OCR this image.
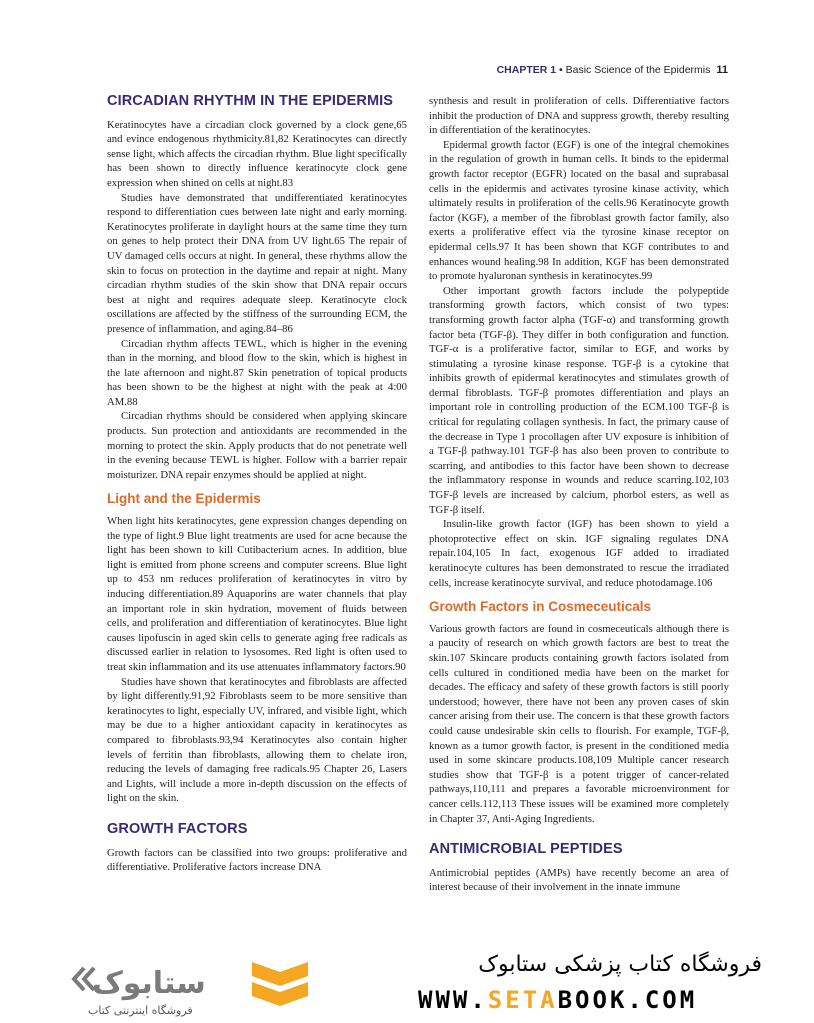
CHAPTER 1 • Basic Science of the Epidermis 11
CIRCADIAN RHYTHM IN THE EPIDERMIS

Keratinocytes have a circadian clock governed by a clock gene,65 and evince endogenous rhythmicity.81,82 Keratinocytes can directly sense light, which affects the circadian rhythm. Blue light specifically has been shown to directly influence keratinocyte clock gene expression when shined on cells at night.83

Studies have demonstrated that undifferentiated keratinocytes respond to differentiation cues between late night and early morning. Keratinocytes proliferate in daylight hours at the same time they turn on genes to help protect their DNA from UV light.65 The repair of UV damaged cells occurs at night. In general, these rhythms allow the skin to focus on protection in the daytime and repair at night. Many circadian rhythm studies of the skin show that DNA repair occurs best at night and requires adequate sleep. Keratinocyte clock oscillations are affected by the stiffness of the surrounding ECM, the presence of inflammation, and aging.84–86

Circadian rhythm affects TEWL, which is higher in the evening than in the morning, and blood flow to the skin, which is highest in the late afternoon and night.87 Skin penetration of topical products has been shown to be the highest at night with the peak at 4:00 AM.88

Circadian rhythms should be considered when applying skincare products. Sun protection and antioxidants are recommended in the morning to protect the skin. Apply products that do not penetrate well in the evening because TEWL is higher. Follow with a barrier repair moisturizer. DNA repair enzymes should be applied at night.

Light and the Epidermis

When light hits keratinocytes, gene expression changes depending on the type of light.9 Blue light treatments are used for acne because the light has been shown to kill Cutibacterium acnes. In addition, blue light is emitted from phone screens and computer screens. Blue light up to 453 nm reduces proliferation of keratinocytes in vitro by inducing differentiation.89 Aquaporins are water channels that play an important role in skin hydration, movement of fluids between cells, and proliferation and differentiation of keratinocytes. Blue light causes lipofuscin in aged skin cells to generate aging free radicals as discussed earlier in relation to lysosomes. Red light is often used to treat skin inflammation and its use attenuates inflammatory factors.90

Studies have shown that keratinocytes and fibroblasts are affected by light differently.91,92 Fibroblasts seem to be more sensitive than keratinocytes to light, especially UV, infrared, and visible light, which may be due to a higher antioxidant capacity in keratinocytes as compared to fibroblasts.93,94 Keratinocytes also contain higher levels of ferritin than fibroblasts, allowing them to chelate iron, reducing the levels of damaging free radicals.95 Chapter 26, Lasers and Lights, will include a more in-depth discussion on the effects of light on the skin.

GROWTH FACTORS

Growth factors can be classified into two groups: proliferative and differentiative. Proliferative factors increase DNA

synthesis and result in proliferation of cells. Differentiative factors inhibit the production of DNA and suppress growth, thereby resulting in differentiation of the keratinocytes.

Epidermal growth factor (EGF) is one of the integral chemokines in the regulation of growth in human cells. It binds to the epidermal growth factor receptor (EGFR) located on the basal and suprabasal cells in the epidermis and activates tyrosine kinase activity, which ultimately results in proliferation of the cells.96 Keratinocyte growth factor (KGF), a member of the fibroblast growth factor family, also exerts a proliferative effect via the tyrosine kinase receptor on epidermal cells.97 It has been shown that KGF contributes to and enhances wound healing.98 In addition, KGF has been demonstrated to promote hyaluronan synthesis in keratinocytes.99

Other important growth factors include the polypeptide transforming growth factors, which consist of two types: transforming growth factor alpha (TGF-α) and transforming growth factor beta (TGF-β). They differ in both configuration and function. TGF-α is a proliferative factor, similar to EGF, and works by stimulating a tyrosine kinase response. TGF-β is a cytokine that inhibits growth of epidermal keratinocytes and stimulates growth of dermal fibroblasts. TGF-β promotes differentiation and plays an important role in controlling production of the ECM.100 TGF-β is critical for regulating collagen synthesis. In fact, the primary cause of the decrease in Type 1 procollagen after UV exposure is inhibition of a TGF-β pathway.101 TGF-β has also been proven to contribute to scarring, and antibodies to this factor have been shown to decrease the inflammatory response in wounds and reduce scarring.102,103 TGF-β levels are increased by calcium, phorbol esters, as well as TGF-β itself.

Insulin-like growth factor (IGF) has been shown to yield a photoprotective effect on skin. IGF signaling regulates DNA repair.104,105 In fact, exogenous IGF added to irradiated keratinocyte cultures has been demonstrated to rescue the irradiated cells, increase keratinocyte survival, and reduce photodamage.106

Growth Factors in Cosmeceuticals

Various growth factors are found in cosmeceuticals although there is a paucity of research on which growth factors are best to treat the skin.107 Skincare products containing growth factors isolated from cells cultured in conditioned media have been on the market for decades. The efficacy and safety of these growth factors is still poorly understood; however, there have not been any proven cases of skin cancer arising from their use. The concern is that these growth factors could cause undesirable skin cells to flourish. For example, TGF-β, known as a tumor growth factor, is present in the conditioned media used in some skincare products.108,109 Multiple cancer research studies show that TGF-β is a potent trigger of cancer-related pathways,110,111 and prepares a favorable microenvironment for cancer cells.112,113 These issues will be examined more completely in Chapter 37, Anti-Aging Ingredients.

ANTIMICROBIAL PEPTIDES

Antimicrobial peptides (AMPs) have recently become an area of interest because of their involvement in the innate immune

ستابوک
فروشگاه اینترنتی کتاب
فروشگاه کتاب پزشکی ستابوک
WWW.SETABOOK.COM
